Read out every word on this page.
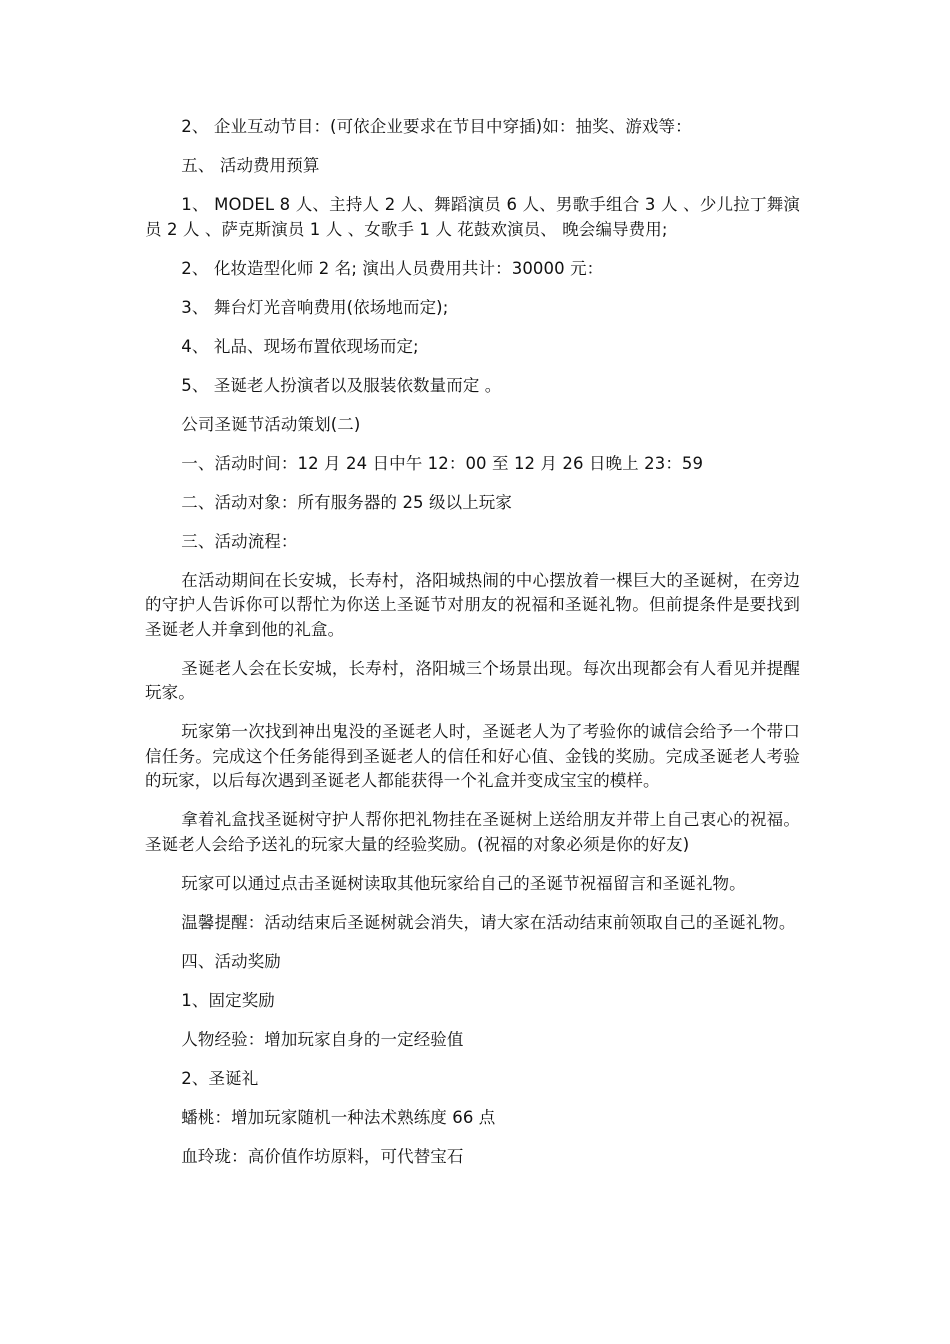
2、 企业互动节目：(可依企业要求在节目中穿插)如：抽奖、游戏等：

五、 活动费用预算

1、 MODEL 8 人、主持人 2 人、舞蹈演员 6 人、男歌手组合 3 人 、少儿拉丁舞演员 2 人 、萨克斯演员 1 人 、女歌手 1 人 花鼓欢演员、 晚会编导费用;

2、 化妆造型化师 2 名; 演出人员费用共计：30000 元：

3、 舞台灯光音响费用(依场地而定);

4、 礼品、现场布置依现场而定;

5、 圣诞老人扮演者以及服装依数量而定 。

公司圣诞节活动策划(二)

一、活动时间：12 月 24 日中午 12：00 至 12 月 26 日晚上 23：59

二、活动对象：所有服务器的 25 级以上玩家

三、活动流程：

在活动期间在长安城，长寿村，洛阳城热闹的中心摆放着一棵巨大的圣诞树，在旁边的守护人告诉你可以帮忙为你送上圣诞节对朋友的祝福和圣诞礼物。但前提条件是要找到圣诞老人并拿到他的礼盒。

圣诞老人会在长安城，长寿村，洛阳城三个场景出现。每次出现都会有人看见并提醒玩家。

玩家第一次找到神出鬼没的圣诞老人时，圣诞老人为了考验你的诚信会给予一个带口信任务。完成这个任务能得到圣诞老人的信任和好心值、金钱的奖励。完成圣诞老人考验的玩家，以后每次遇到圣诞老人都能获得一个礼盒并变成宝宝的模样。

拿着礼盒找圣诞树守护人帮你把礼物挂在圣诞树上送给朋友并带上自己衷心的祝福。圣诞老人会给予送礼的玩家大量的经验奖励。(祝福的对象必须是你的好友)

玩家可以通过点击圣诞树读取其他玩家给自己的圣诞节祝福留言和圣诞礼物。

温馨提醒：活动结束后圣诞树就会消失，请大家在活动结束前领取自己的圣诞礼物。

四、活动奖励

1、固定奖励

人物经验：增加玩家自身的一定经验值

2、圣诞礼

蟠桃：增加玩家随机一种法术熟练度 66 点

血玲珑：高价值作坊原料，可代替宝石
